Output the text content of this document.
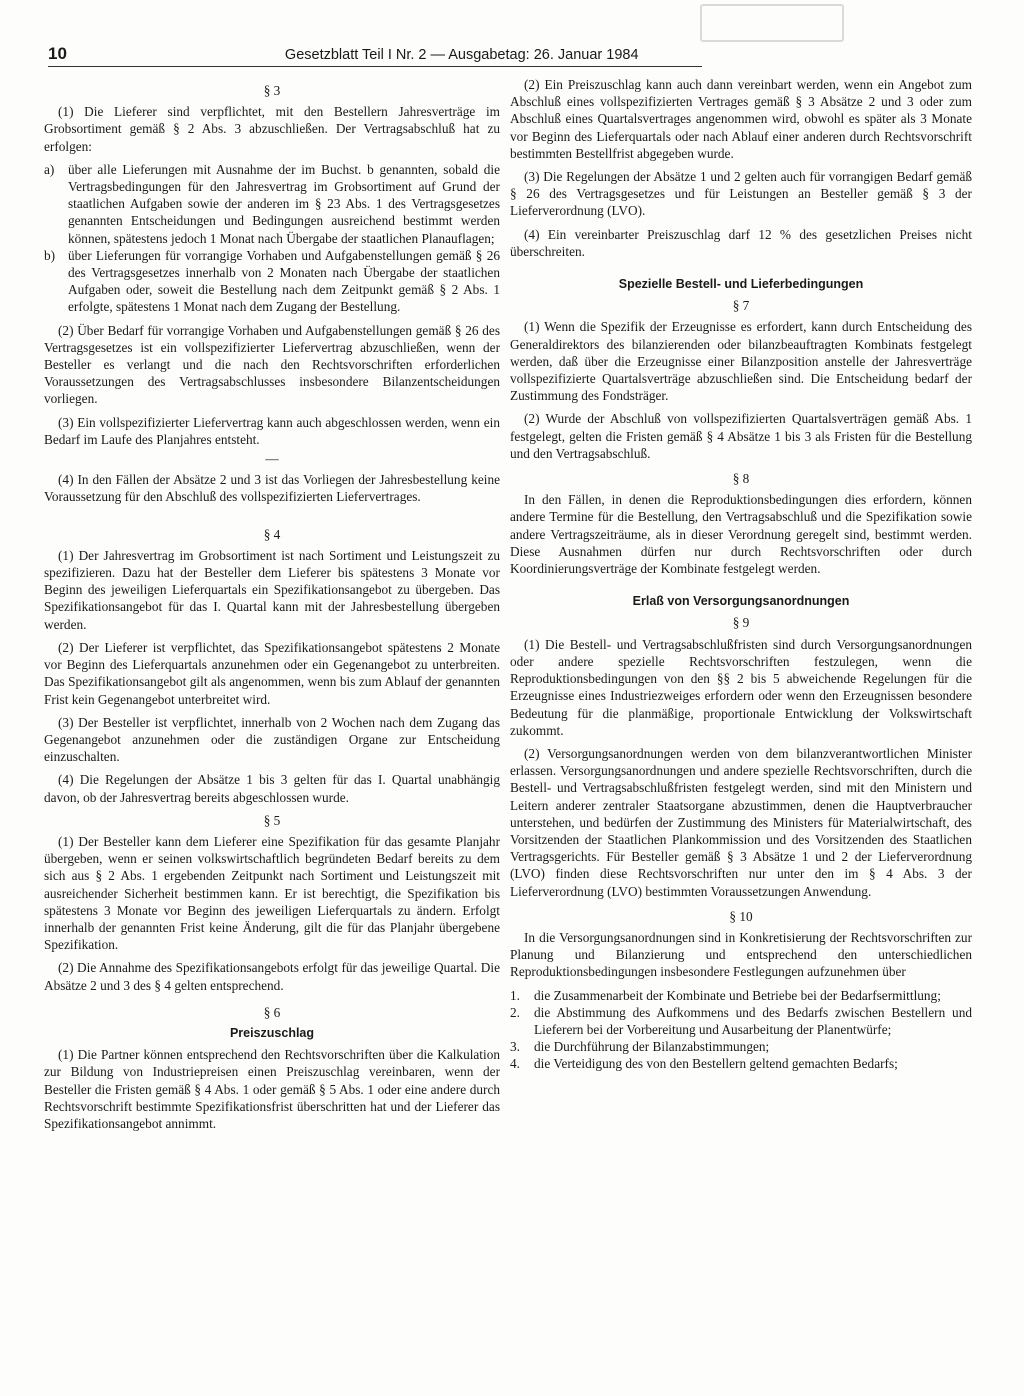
10	Gesetzblatt Teil I Nr. 2 — Ausgabetag: 26. Januar 1984
§ 3

(1) Die Lieferer sind verpflichtet, mit den Bestellern Jahresverträge im Grobsortiment gemäß § 2 Abs. 3 abzuschließen. Der Vertragsabschluß hat zu erfolgen:

a)	über alle Lieferungen mit Ausnahme der im Buchst. b genannten, sobald die Vertragsbedingungen für den Jahresvertrag im Grobsortiment auf Grund der staatlichen Aufgaben sowie der anderen im § 23 Abs. 1 des Vertragsgesetzes genannten Entscheidungen und Bedingungen ausreichend bestimmt werden können, spätestens jedoch 1 Monat nach Übergabe der staatlichen Planauflagen;
b) über Lieferungen für vorrangige Vorhaben und Aufgabenstellungen gemäß § 26 des Vertragsgesetzes innerhalb von 2 Monaten nach Übergabe der staatlichen Aufgaben oder, soweit die Bestellung nach dem Zeitpunkt gemäß § 2 Abs. 1 erfolgte, spätestens 1 Monat nach dem Zugang der Bestellung.

(2) Über Bedarf für vorrangige Vorhaben und Aufgabenstellungen gemäß § 26 des Vertragsgesetzes ist ein vollspezifizierter Liefervertrag abzuschließen, wenn der Besteller es verlangt und die nach den Rechtsvorschriften erforderlichen Voraussetzungen des Vertragsabschlusses insbesondere Bilanzentscheidungen vorliegen.

(3) Ein vollspezifizierter Liefervertrag kann auch abgeschlossen werden, wenn ein Bedarf im Laufe des Planjahres entsteht.

—

(4) In den Fällen der Absätze 2 und 3 ist das Vorliegen der Jahresbestellung keine Voraussetzung für den Abschluß des vollspezifizierten Liefervertrages.

§ 4

(1) Der Jahresvertrag im Grobsortiment ist nach Sortiment und Leistungszeit zu spezifizieren. Dazu hat der Besteller dem Lieferer bis spätestens 3 Monate vor Beginn des jeweiligen Lieferquartals ein Spezifikationsangebot zu übergeben. Das Spezifikationsangebot für das I. Quartal kann mit der Jahresbestellung übergeben werden.

(2) Der Lieferer ist verpflichtet, das Spezifikationsangebot spätestens 2 Monate vor Beginn des Lieferquartals anzunehmen oder ein Gegenangebot zu unterbreiten. Das Spezifikationsangebot gilt als angenommen, wenn bis zum Ablauf der genannten Frist kein Gegenangebot unterbreitet wird.

(3) Der Besteller ist verpflichtet, innerhalb von 2 Wochen nach dem Zugang das Gegenangebot anzunehmen oder die zuständigen Organe zur Entscheidung einzuschalten.

(4) Die Regelungen der Absätze 1 bis 3 gelten für das I. Quartal unabhängig davon, ob der Jahresvertrag bereits abgeschlossen wurde.

§ 5

(1) Der Besteller kann dem Lieferer eine Spezifikation für das gesamte Planjahr übergeben, wenn er seinen volkswirtschaftlich begründeten Bedarf bereits zu dem sich aus § 2 Abs. 1 ergebenden Zeitpunkt nach Sortiment und Leistungszeit mit ausreichender Sicherheit bestimmen kann. Er ist berechtigt, die Spezifikation bis spätestens 3 Monate vor Beginn des jeweiligen Lieferquartals zu ändern. Erfolgt innerhalb der genannten Frist keine Änderung, gilt die für das Planjahr übergebene Spezifikation.

(2) Die Annahme des Spezifikationsangebots erfolgt für das jeweilige Quartal. Die Absätze 2 und 3 des § 4 gelten entsprechend.

§ 6
Preiszuschlag

(1) Die Partner können entsprechend den Rechtsvorschriften über die Kalkulation zur Bildung von Industriepreisen einen Preiszuschlag vereinbaren, wenn der Besteller die Fristen gemäß § 4 Abs. 1 oder gemäß § 5 Abs. 1 oder eine andere durch Rechtsvorschrift bestimmte Spezifikationsfrist überschritten hat und der Lieferer das Spezifikationsangebot annimmt.

(2) Ein Preiszuschlag kann auch dann vereinbart werden, wenn ein Angebot zum Abschluß eines vollspezifizierten Vertrages gemäß § 3 Absätze 2 und 3 oder zum Abschluß eines Quartalsvertrages angenommen wird, obwohl es später als 3 Monate vor Beginn des Lieferquartals oder nach Ablauf einer anderen durch Rechtsvorschrift bestimmten Bestellfrist abgegeben wurde.

(3) Die Regelungen der Absätze 1 und 2 gelten auch für vorrangigen Bedarf gemäß § 26 des Vertragsgesetzes und für Leistungen an Besteller gemäß § 3 der Lieferverordnung (LVO).

(4) Ein vereinbarter Preiszuschlag darf 12 % des gesetzlichen Preises nicht überschreiten.

Spezielle Bestell- und Lieferbedingungen
§ 7

(1) Wenn die Spezifik der Erzeugnisse es erfordert, kann durch Entscheidung des Generaldirektors des bilanzierenden oder bilanzbeauftragten Kombinats festgelegt werden, daß über die Erzeugnisse einer Bilanzposition anstelle der Jahresverträge vollspezifizierte Quartalsverträge abzuschließen sind. Die Entscheidung bedarf der Zustimmung des Fondsträger.

(2) Wurde der Abschluß von vollspezifizierten Quartalsverträgen gemäß Abs. 1 festgelegt, gelten die Fristen gemäß § 4 Absätze 1 bis 3 als Fristen für die Bestellung und den Vertragsabschluß.

§ 8

In den Fällen, in denen die Reproduktionsbedingungen dies erfordern, können andere Termine für die Bestellung, den Vertragsabschluß und die Spezifikation sowie andere Vertragszeiträume, als in dieser Verordnung geregelt sind, bestimmt werden. Diese Ausnahmen dürfen nur durch Rechtsvorschriften oder durch Koordinierungsverträge der Kombinate festgelegt werden.

Erlaß von Versorgungsanordnungen
§ 9

(1) Die Bestell- und Vertragsabschlußfristen sind durch Versorgungsanordnungen oder andere spezielle Rechtsvorschriften festzulegen, wenn die Reproduktionsbedingungen von den §§ 2 bis 5 abweichende Regelungen für die Erzeugnisse eines Industriezweiges erfordern oder wenn den Erzeugnissen besondere Bedeutung für die planmäßige, proportionale Entwicklung der Volkswirtschaft zukommt.

(2) Versorgungsanordnungen werden von dem bilanzverantwortlichen Minister erlassen. Versorgungsanordnungen und andere spezielle Rechtsvorschriften, durch die Bestell- und Vertragsabschlußfristen festgelegt werden, sind mit den Ministern und Leitern anderer zentraler Staatsorgane abzustimmen, denen die Hauptverbraucher unterstehen, und bedürfen der Zustimmung des Ministers für Materialwirtschaft, des Vorsitzenden der Staatlichen Plankommission und des Vorsitzenden des Staatlichen Vertragsgerichts. Für Besteller gemäß § 3 Absätze 1 und 2 der Lieferverordnung (LVO) finden diese Rechtsvorschriften nur unter den im § 4 Abs. 3 der Lieferverordnung (LVO) bestimmten Voraussetzungen Anwendung.

§ 10

In die Versorgungsanordnungen sind in Konkretisierung der Rechtsvorschriften zur Planung und Bilanzierung und entsprechend den unterschiedlichen Reproduktionsbedingungen insbesondere Festlegungen aufzunehmen über

1.	die Zusammenarbeit der Kombinate und Betriebe bei der Bedarfsermittlung;
2.	die Abstimmung des Aufkommens und des Bedarfs zwischen Bestellern und Lieferern bei der Vorbereitung und Ausarbeitung der Planentwürfe;
3.	die Durchführung der Bilanzabstimmungen;
4.	die Verteidigung des von den Bestellern geltend gemachten Bedarfs;
